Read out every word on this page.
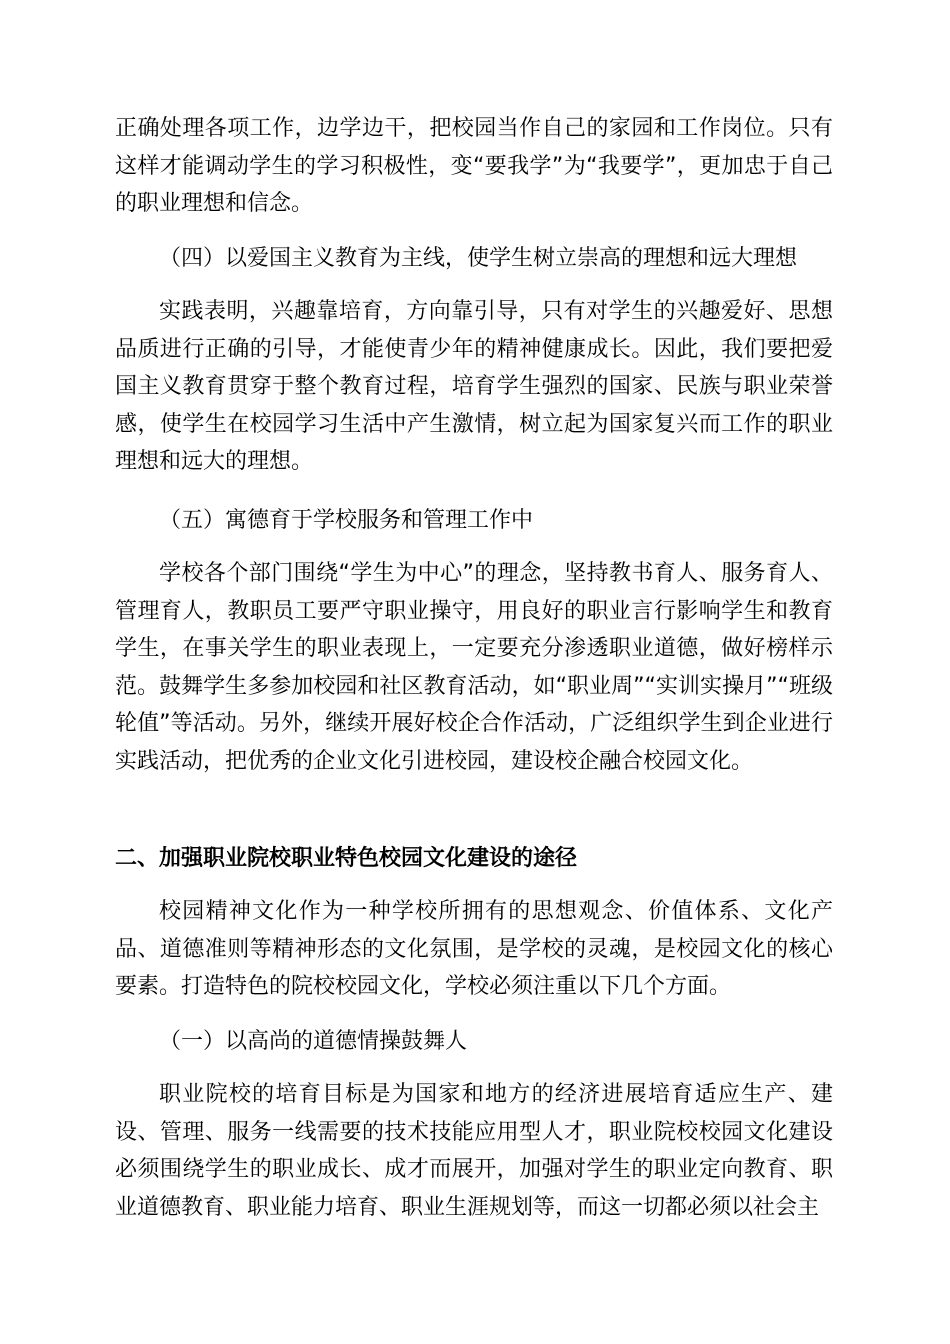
正确处理各项工作，边学边干，把校园当作自己的家园和工作岗位。只有这样才能调动学生的学习积极性，变“要我学”为“我要学”，更加忠于自己的职业理想和信念。

（四）以爱国主义教育为主线，使学生树立崇高的理想和远大理想

实践表明，兴趣靠培育，方向靠引导，只有对学生的兴趣爱好、思想品质进行正确的引导，才能使青少年的精神健康成长。因此，我们要把爱国主义教育贯穿于整个教育过程，培育学生强烈的国家、民族与职业荣誉感，使学生在校园学习生活中产生激情，树立起为国家复兴而工作的职业理想和远大的理想。

（五）寓德育于学校服务和管理工作中

学校各个部门围绕“学生为中心”的理念，坚持教书育人、服务育人、管理育人，教职员工要严守职业操守，用良好的职业言行影响学生和教育学生，在事关学生的职业表现上，一定要充分渗透职业道德，做好榜样示范。鼓舞学生多参加校园和社区教育活动，如“职业周”“实训实操月”“班级轮值”等活动。另外，继续开展好校企合作活动，广泛组织学生到企业进行实践活动，把优秀的企业文化引进校园，建设校企融合校园文化。

二、加强职业院校职业特色校园文化建设的途径

校园精神文化作为一种学校所拥有的思想观念、价值体系、文化产品、道德准则等精神形态的文化氛围，是学校的灵魂，是校园文化的核心要素。打造特色的院校校园文化，学校必须注重以下几个方面。

（一）以高尚的道德情操鼓舞人

职业院校的培育目标是为国家和地方的经济进展培育适应生产、建设、管理、服务一线需要的技术技能应用型人才，职业院校校园文化建设必须围绕学生的职业成长、成才而展开，加强对学生的职业定向教育、职业道德教育、职业能力培育、职业生涯规划等，而这一切都必须以社会主
